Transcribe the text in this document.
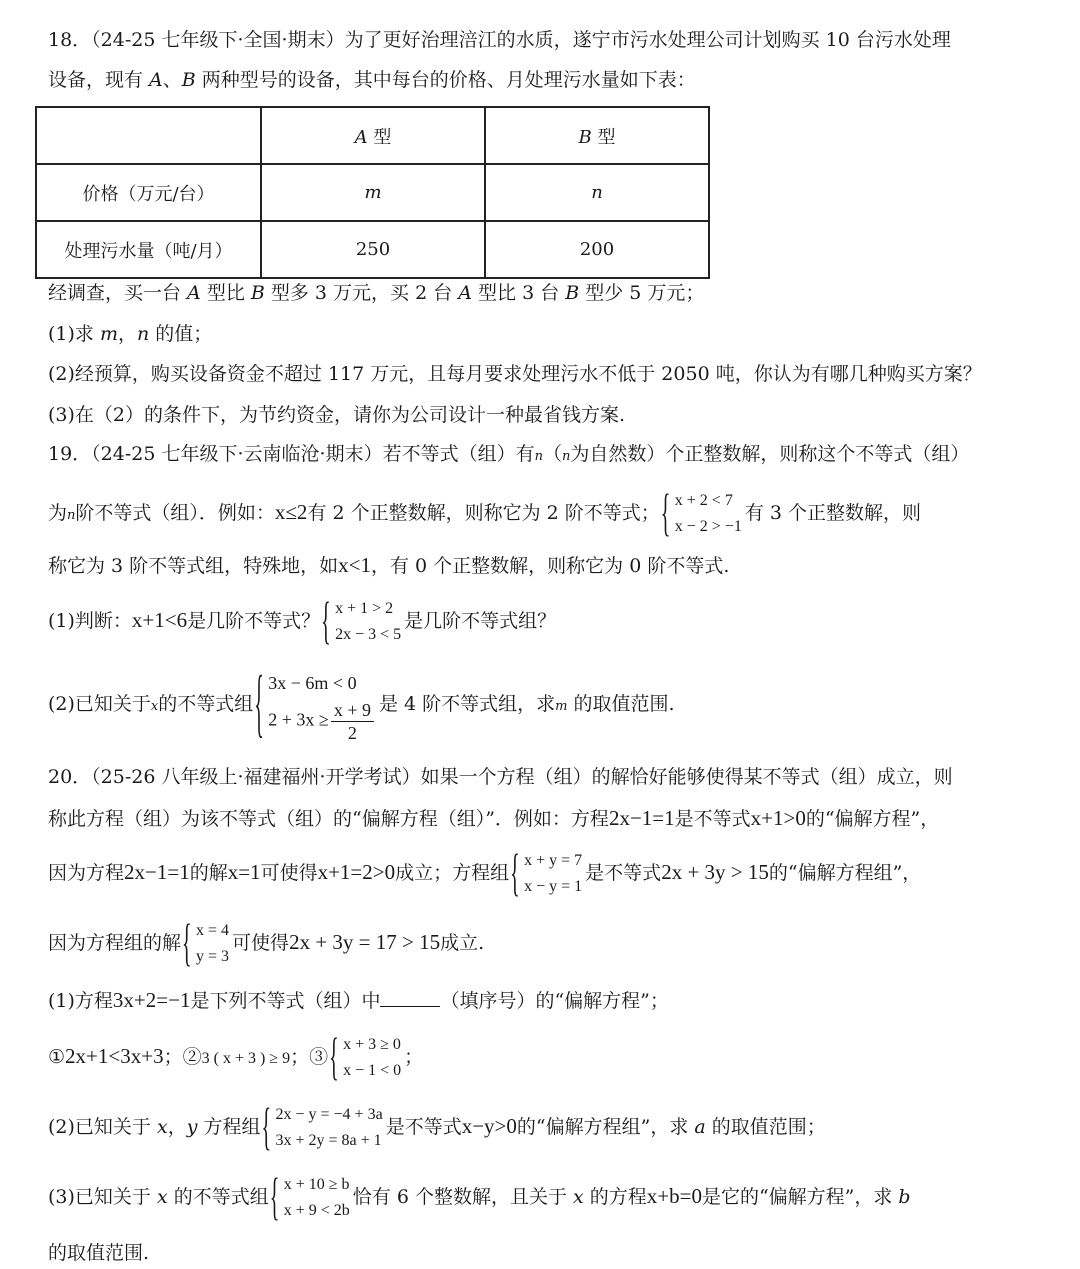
18．（24-25 七年级下·全国·期末）为了更好治理涪江的水质，遂宁市污水处理公司计划购买 10 台污水处理
设备，现有 A、B 两种型号的设备，其中每台的价格、月处理污水量如下表：
	A 型	B 型
价格（万元/台）	m	n
处理污水量（吨/月）	250	200
经调查，买一台 A 型比 B 型多 3 万元，买 2 台 A 型比 3 台 B 型少 5 万元；
(1)求 m，n 的值；
(2)经预算，购买设备资金不超过 117 万元，且每月要求处理污水不低于 2050 吨，你认为有哪几种购买方案？
(3)在（2）的条件下，为节约资金，请你为公司设计一种最省钱方案.
19．（24-25 七年级下·云南临沧·期末）若不等式（组）有n（n为自然数）个正整数解，则称这个不等式（组）
为n阶不等式（组）．例如：x≤2有 2 个正整数解，则称它为 2 阶不等式；
{ x + 2 < 7
x − 2 > −1
有 3 个正整数解，则
称它为 3 阶不等式组，特殊地，如x<1，有 0 个正整数解，则称它为 0 阶不等式.
(1)判断：x+1<6是几阶不等式？
{ x + 1 > 2
2x − 3 < 5
是几阶不等式组？
(2)已知关于x的不等式组
{ 3x − 6m < 0
$2 + 3x \ge \frac{x + 9}{2}$ 是 4 阶不等式组，求m 的取值范围.
20．（25-26 八年级上·福建福州·开学考试）如果一个方程（组）的解恰好能够使得某不等式（组）成立，则
称此方程（组）为该不等式（组）的“偏解方程（组）”．例如：方程2x−1=1是不等式x+1>0的“偏解方程”，
因为方程2x−1=1的解x=1可使得x+1=2>0成立；方程组
{ x + y = 7
x − y = 1
是不等式2x + 3y > 15的“偏解方程组”，
因为方程组的解
{ x = 4
y = 3
可使得2x + 3y = 17 > 15成立.
(1)方程3x+2=−1是下列不等式（组）中	（填序号）的“偏解方程”；
①2x+1<3x+3；②3 ( x + 3 ) ≥ 9；③
{ x + 3 ≥ 0
x − 1 < 0
；
(2)已知关于 x，y 方程组
{ 2x − y = −4 + 3a
3x + 2y = 8a + 1
是不等式x−y>0的“偏解方程组”，求 a 的取值范围；
(3)已知关于 x 的不等式组
{ x + 10 ≥ b
x + 9 < 2b
恰有 6 个整数解，且关于 x 的方程x+b=0是它的“偏解方程”，求 b
的取值范围.
